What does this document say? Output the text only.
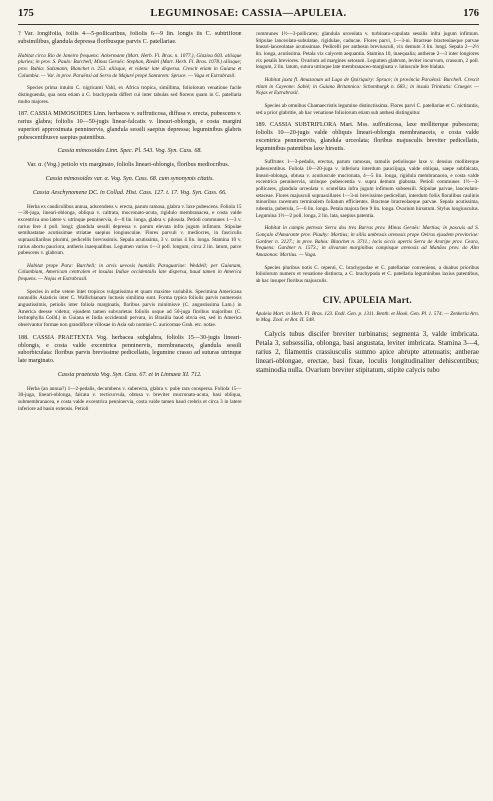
175	LEGUMINOSAE: CASSIA—APULEIA.	176

? Var. longifolia, foliis 4—5-pollicaribus, foliolis 6—9 lin. longis iis C. subtrifloræ subsimilibus, glandula depressa floribusque parvis C. patellariae.

Habitat circa Rio de Janeiro frequens: Ackermann (Mart. Herb. Fl. Bras. n. 1077.), Glaziou 603. aliisque pluries; in prov. S. Paulo: Burchell; Minas Geraës: Stephan, Riedel (Mart. Herb. Fl. Bras. 1078.) aliisque; prov. Bahia: Salzmann, Blanchet n. 253. aliisque, et videtur late dispersa. Crescit etiam in Guiana et Columbia. — Var. in prov. Paraënsi ad Serra de Majuré propè Santarem: Spruce. — Vaga et Extrabrasil.

Species prima intuitu C. nigricanti Vahl, ex Africa tropica, simillima, foliolorum venatione facile distinguenda, qua nota etiam a C. brachypoda differt cui inter tabulas sed florens quam in C. patellaria multo majores.

187. CASSIA MIMOSOIDES Linn. herbacea v. suffruticosa, diffusa v. erecta, pubescens v. rarius glabra; foliolis 10—50-jugis linear-falcatis v. lineari-oblongis, e costa margini superiori approximata penninervis, glandula sessili saepius depressa; leguminibus glabris pubescentibusve saepius patentibus.

Cassia mimosoides Linn. Spec. Pl. 543. Vog. Syn. Cass. 68.

Var. α. (Vog.) petiolo vix marginato, foliolis lineari-oblongis, floribus mediocribus.

Cassia mimosoides var. α. Vog. Syn. Cass. 68. cum synonymis citatis.

Cassia Aeschynomene DC. in Collad. Hist. Cass. 127. t. 17. Vog. Syn. Cass. 66.

Herba ex caudiculibus annua, adscendens v. erecta, parum ramosa, glabra v. laxe pubescens. Foliola 15—30-juga, lineari-oblonga, obliqua v. caltrata, mucronato-acuta, rigidulo membranacea, e costa valde excentrica uno latere v. utrinque penninervia, 4—8 lin. longa, glabra v. pilosula. Petioli communes 1—3 v. rarius fere 4 poll. longi; glandula sessili depressa v. parum elevata infra jugum infimum. Stipulae semihastatae acutissimae striatae saepius longiusculae. Flores parvuli v. mediocres, in fasciculis supraaxillaribus plurimi, pedicellis brevissimis. Sepala acutissima, 3 v. rarius 4 lin. longa. Stamina 10 v. rarius abortu pauciora, antheris inaequalibus. Legumen varius 1—3 poll. longum, circa 2 lin. latum, parce pubescens v. glabrum.

Habitat prope Para: Burchell; in arvis uevosis humidis Paraguariae: Weddell; per Guianam, Columbiam, Americam centralem et insulas Indiae occidentalis late dispersa, haud tamen in America frequens. — Nojas et Extrabrasil.

Species in orbe vetere inter tropicos vulgatissima et quam maxime variabilis. Specimina Americana nonnullis Asiaticis inter C. Wallichianam luctusis similima sunt. Forma typica foliolis parvis numerosis angustissimis, petiolis inter foliola marginatis, floribus parvis minimisve (C. angustissima Lam.) in America deesse videtur, ejusdem tamen subvarietas foliolis usque ad 50-juga floribus majoribus (C. lechtophylla Colld.) in Guiana et India occidentali pervara, in Brasilia haud obvia est, sed in America observantur formae non grandifloræ villosae in Asia sub nomine C. auricomae Grah. etc. notae.

188. CASSIA PRAETEXTA Vog. herbacea subglabra, foliolis 15—30-jugis lineari-oblongis, e costa valde excentrica penninervis, membranaceis, glandula sessili suborbiculata: floribus parvis brevissime pedicellatis, legumine crasso ad suturas utrinque late marginato.

Cassia praetexta Vog. Syn. Cass. 67. et in Linnaea XI. 712.

Herba (an annua?) 1—2-pedalis, decumbens v. suberecta, glabra v. pube rara conspersa. Foliola 15—30-juga, lineari-oblonga, falcata v. recticurvula, obtusa v. breviter mucronato-acuta, basi obliqua, submembranacea, e costa valde excentrica penninervia, costa valde tamen haud crebris et circa 3 in latere inferiore ad basin extensis. Petioli

communes 1½—3-pollicares; glandula urceolata v. turbinato-cupulata sessilis infra jugum infimum. Stipulae lanceolato-subulatae, rigidulae, caducae. Flores parvi, 1—3-ni. Bracteae bracteolaeque parvae lineari-lanceolatae acutissimae. Pedicelli per anthesin breviusculi, vix demum 3 lin. longi. Sepala 2—2½ lin. longa, acutissima. Petala vix calycem aequantia. Stamina 10, inaequalia; antherae 2—3 inter longiores vix petalis breviores. Ovarium ad margines setosum. Legumen glabrum, leviter incurvum, crassum, 2 poll. longum, 2 lin. latum, sutura utrinque late membranaceo-marginata v. latiuscule fere bialata.

Habitat juxta fl. Amazonum ad Lago de Quiriquiry: Spruce; in provincia Paraënsi: Burchell. Crescit etiam in Cayenne: Sabié; in Guiana Britannica: Schomburgk n. 683.; in insula Trinitatis: Crueger. — Nojas et Extrabrasil.

Species ab omnibus Chamaecristis legumine distinctissima. Flores parvi C. patellariae et C. nictitantis, sed a prior glabritie, ab hac venatione foliolorum etiam sub anthesi distinguitur.

189. CASSIA SUBTRIFLORA Mart. Mss. suffruticosa, laxe molliterque pubescens; foliolis 10—20-jugis valde obliquis lineari-oblongis membranaceis, e costa valde excentrica penninerviis, glandula urceolata; floribus majusculis breviter pedicellatis, leguminibus patentibus laxe hirsutis.

Suffrutex 1—3-pedalis, erectus, parum ramosus, ramulis petiolisque laxe v. densius molliterque pubescentibus. Foliola 10—20-juga v. inferiora interdum pauciijuga, valde obliqua, saepe subfalcata, lineari-oblonga, obtusa v. acutiuscule mucronata, 4—5 lin. longa, rigidula membranacea, e costa valde excentrica penninervia, utrinque pubescentia v. supra demum glabrata. Petioli communes 1½—3-pollicares, glandula urceolata v. scutellata infra jugum infimum subsessili. Stipulae parvae, lanceolato-setaceae. Flores majusculi supraaxillares 1—3-ni brevissime pedicellati, interdum foliis floralibus caulinis minoribus racemum terminalem foliatum efficientes. Bracteae bracteolaeque parvae. Sepala acutissima, rubentia, puberula, 5—6 lin. longa. Petala majora fere 9 lin. longa. Ovarium hirsutum. Stylus longiusculus. Legumina 1½—2 poll. longa, 2 lin. lata, saepius patentia.

Habitat in campis petrosis Serra dos tres Barras prov. Minas Geraës: Martius; in pascuis ad S. Gonçalo d'Amarante prov. Piauhy: Martius; in siliis umbrosis arenosis prope Oeiras ejusdem provinciae: Gardner n. 2127.; in prov. Bahia: Blanchet n. 3711.; locis siccis apertis Serra de Araripe prov. Ceara, frequens: Gardner n. 1573.; in silvarum marginibus campisque arenosis ad Manãos prov. do Alto Amazonas: Martius. — Vaga.

Species pluribus notis C. repenti, C. brachypodae et C. patellariae conveniens, a duabus prioribus foliolorum numero et venatione distincta, a C. brachypoda et C. patellaria leguminibus laxius patentibus, ab hac insuper floribus majusculis.

CIV. APULEIA Mart.

Apuleia Mart. in Herb. Fl. Bras. 123. Endl. Gen. p. 1311. Benth. et Hook. Gen. Pl. 1. 574. — Zenkeria Arn. in Mag. Zool. et Bot. II. 548.

Calycis tubus discifer breviter turbinatus; segmenta 3, valde imbricata. Petala 3, subsessilia, oblonga, basi angustata, leviter imbricata. Stamina 3—4, rarius 2, filamentis crassiusculis summo apice abrupte attenuatis; antherae lineari-oblongae, erectae, basi fixae, loculis longitudinaliter dehiscentibus; staminodia nulla. Ovarium breviter stipitatum, stipite calycis tubo
